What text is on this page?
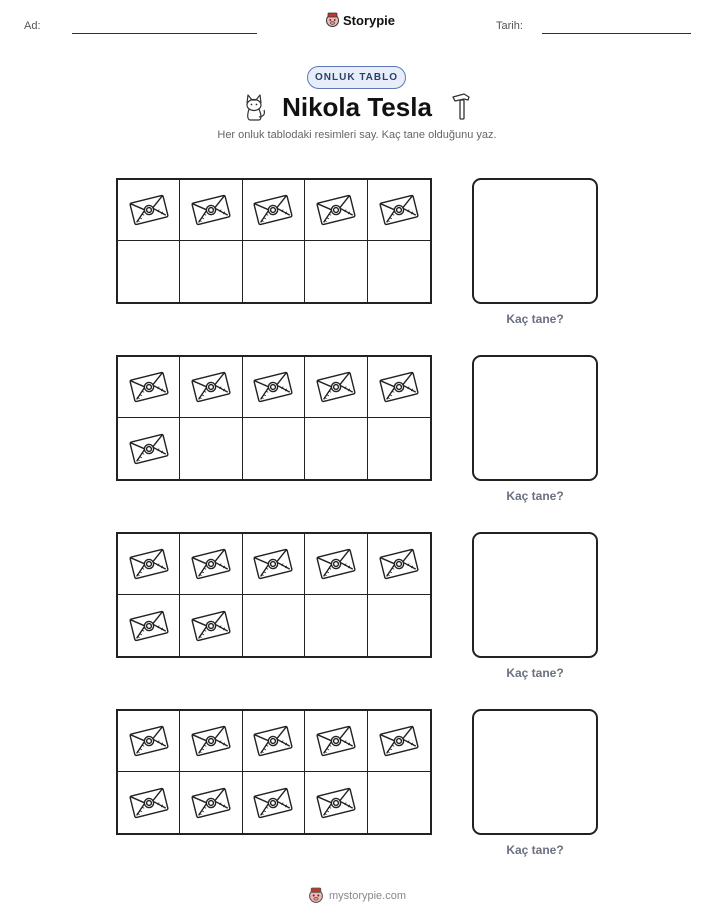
Ad:	Storypie	Tarih:
ONLUK TABLO
Nikola Tesla
Her onluk tablodaki resimleri say. Kaç tane olduğunu yaz.
Kaç tane?
Kaç tane?
Kaç tane?
Kaç tane?
mystorypie.com
